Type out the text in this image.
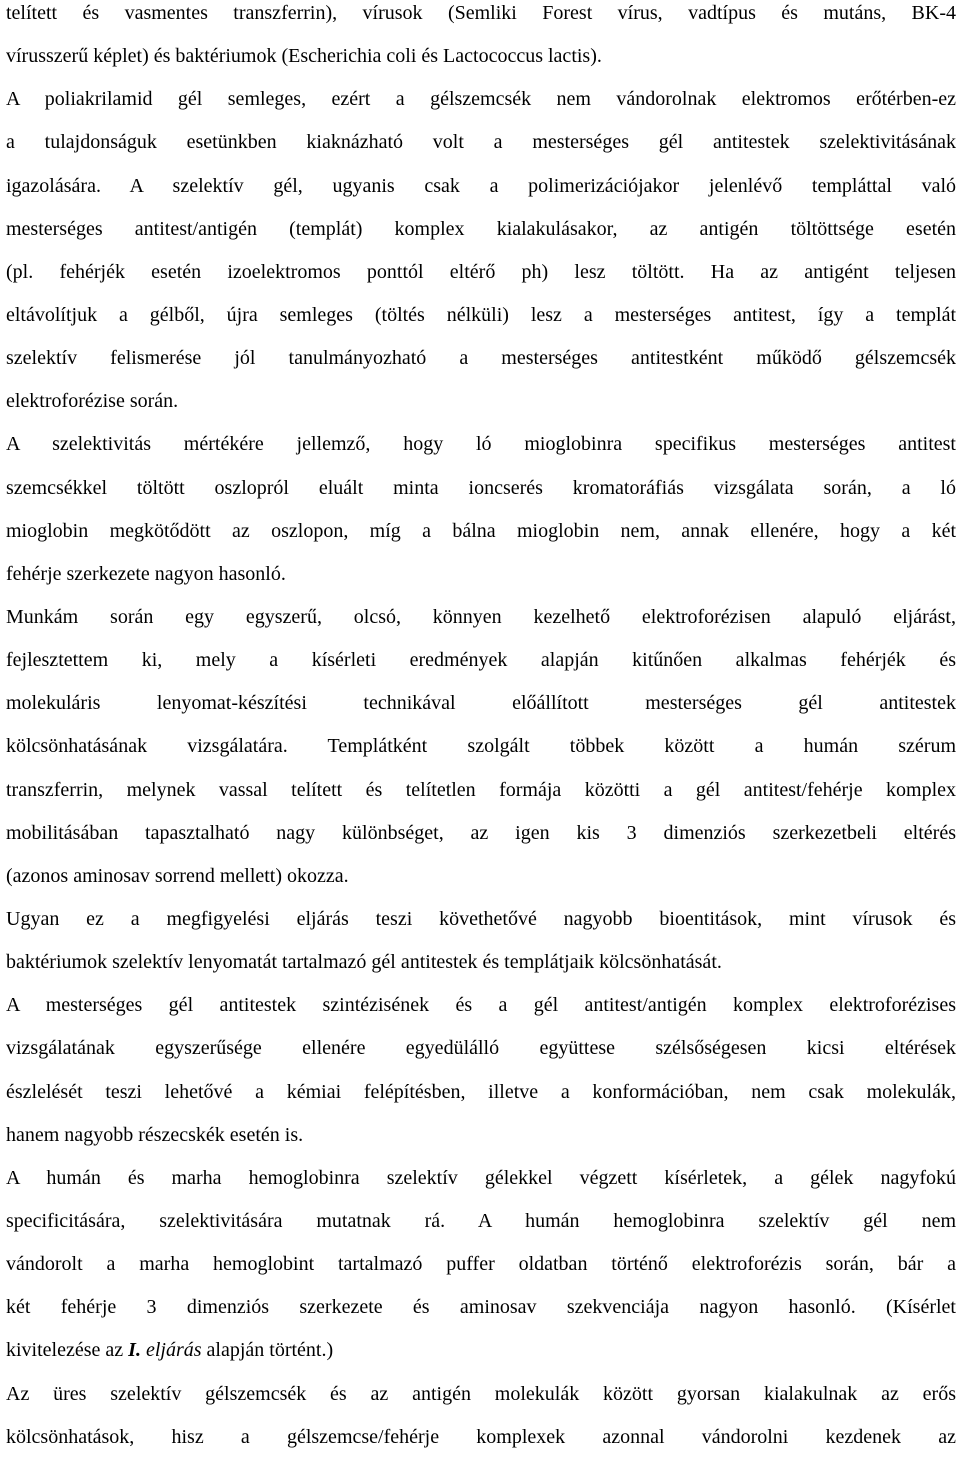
telített és vasmentes transzferrin), vírusok (Semliki Forest vírus, vadtípus és mutáns, BK-4
vírusszerű képlet) és baktériumok (Escherichia coli és Lactococcus lactis).
A poliakrilamid gél semleges, ezért a gélszemcsék nem vándorolnak elektromos erőtérben-ez
a tulajdonságuk esetünkben kiaknázható volt a mesterséges gél antitestek szelektivitásának
igazolására. A szelektív gél, ugyanis csak a polimerizációjakor jelenlévő templáttal való
mesterséges antitest/antigén (templát) komplex kialakulásakor, az antigén töltöttsége esetén
(pl. fehérjék esetén izoelektromos ponttól eltérő ph) lesz töltött. Ha az antigént teljesen
eltávolítjuk a gélből, újra semleges (töltés nélküli) lesz a mesterséges antitest, így a templát
szelektív felismerése jól tanulmányozható a mesterséges antitestként működő gélszemcsék
elektroforézise során.
A szelektivitás mértékére jellemző, hogy ló mioglobinra specifikus mesterséges antitest
szemcsékkel töltött oszlopról eluált minta ioncserés kromatoráfiás vizsgálata során, a ló
mioglobin megkötődött az oszlopon, míg a bálna mioglobin nem, annak ellenére, hogy a két
fehérje szerkezete nagyon hasonló.
Munkám során egy egyszerű, olcsó, könnyen kezelhető elektroforézisen alapuló eljárást,
fejlesztettem ki, mely a kísérleti eredmények alapján kitűnően alkalmas fehérjék és
molekuláris lenyomat-készítési technikával előállított mesterséges gél antitestek
kölcsönhatásának vizsgálatára. Templátként szolgált többek között a humán szérum
transzferrin, melynek vassal telített és telítetlen formája közötti a gél antitest/fehérje komplex
mobilitásában tapasztalható nagy különbséget, az igen kis 3 dimenziós szerkezetbeli eltérés
(azonos aminosav sorrend mellett) okozza.
Ugyan ez a megfigyelési eljárás teszi követhetővé nagyobb bioentitások, mint vírusok és
baktériumok szelektív lenyomatát tartalmazó gél antitestek és templátjaik kölcsönhatását.
A mesterséges gél antitestek szintézisének és a gél antitest/antigén komplex elektroforézises
vizsgálatának egyszerűsége ellenére egyedülálló együttese szélsőségesen kicsi eltérések
észlelését teszi lehetővé a kémiai felépítésben, illetve a konformációban, nem csak molekulák,
hanem nagyobb részecskék esetén is.
A humán és marha hemoglobinra szelektív gélekkel végzett kísérletek, a gélek nagyfokú
specificitására, szelektivitására mutatnak rá. A humán hemoglobinra szelektív gél nem
vándorolt a marha hemoglobint tartalmazó puffer oldatban történő elektroforézis során, bár a
két fehérje 3 dimenziós szerkezete és aminosav szekvenciája nagyon hasonló. (Kísérlet
kivitelezése az I. eljárás alapján történt.)
Az üres szelektív gélszemcsék és az antigén molekulák között gyorsan kialakulnak az erős
kölcsönhatások, hisz a gélszemcse/fehérje komplexek azonnal vándorolni kezdenek az
